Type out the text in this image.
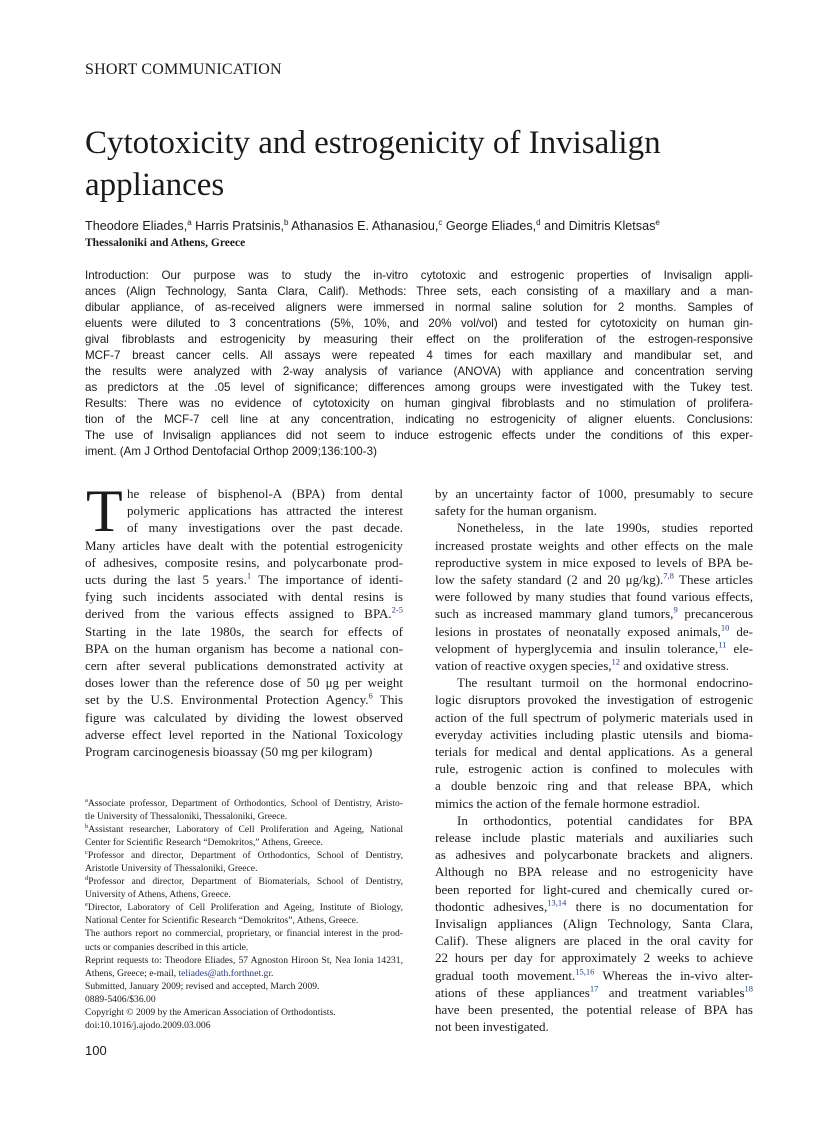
SHORT COMMUNICATION
Cytotoxicity and estrogenicity of Invisalign
appliances
Theodore Eliades,$^a$ Harris Pratsinis,$^b$ Athanasios E. Athanasiou,$^c$ George Eliades,$^d$ and Dimitris Kletsas$^e$
Thessaloniki and Athens, Greece
Introduction: Our purpose was to study the in-vitro cytotoxic and estrogenic properties of Invisalign appli-
ances (Align Technology, Santa Clara, Calif). Methods: Three sets, each consisting of a maxillary and a man-
dibular appliance, of as-received aligners were immersed in normal saline solution for 2 months. Samples of
eluents were diluted to 3 concentrations (5%, 10%, and 20% vol/vol) and tested for cytotoxicity on human gin-
gival fibroblasts and estrogenicity by measuring their effect on the proliferation of the estrogen-responsive
MCF-7 breast cancer cells. All assays were repeated 4 times for each maxillary and mandibular set, and
the results were analyzed with 2-way analysis of variance (ANOVA) with appliance and concentration serving
as predictors at the .05 level of significance; differences among groups were investigated with the Tukey test.
Results: There was no evidence of cytotoxicity on human gingival fibroblasts and no stimulation of prolifera-
tion of the MCF-7 cell line at any concentration, indicating no estrogenicity of aligner eluents. Conclusions:
The use of Invisalign appliances did not seem to induce estrogenic effects under the conditions of this exper-
iment. (Am J Orthod Dentofacial Orthop 2009;136:100-3)
T he release of bisphenol-A (BPA) from dental
polymeric applications has attracted the interest
of many investigations over the past decade.
Many articles have dealt with the potential estrogenicity
of adhesives, composite resins, and polycarbonate prod-
ucts during the last 5 years.$^1$ The importance of identi-
fying such incidents associated with dental resins is
derived from the various effects assigned to BPA.$^{2-5}$
Starting in the late 1980s, the search for effects of
BPA on the human organism has become a national con-
cern after several publications demonstrated activity at
doses lower than the reference dose of 50 μg per weight
set by the U.S. Environmental Protection Agency.$^6$ This
figure was calculated by dividing the lowest observed
adverse effect level reported in the National Toxicology
Program carcinogenesis bioassay (50 mg per kilogram)
by an uncertainty factor of 1000, presumably to secure
safety for the human organism.
Nonetheless, in the late 1990s, studies reported
increased prostate weights and other effects on the male
reproductive system in mice exposed to levels of BPA be-
low the safety standard (2 and 20 μg/kg).$^{7,8}$ These articles
were followed by many studies that found various effects,
such as increased mammary gland tumors,$^9$ precancerous
lesions in prostates of neonatally exposed animals,$^{10}$ de-
velopment of hyperglycemia and insulin tolerance,$^{11}$ ele-
vation of reactive oxygen species,$^{12}$ and oxidative stress.
The resultant turmoil on the hormonal endocrino-
logic disruptors provoked the investigation of estrogenic
action of the full spectrum of polymeric materials used in
everyday activities including plastic utensils and bioma-
terials for medical and dental applications. As a general
rule, estrogenic action is confined to molecules with
a double benzoic ring and that release BPA, which
mimics the action of the female hormone estradiol.
In orthodontics, potential candidates for BPA
release include plastic materials and auxiliaries such
as adhesives and polycarbonate brackets and aligners.
Although no BPA release and no estrogenicity have
been reported for light-cured and chemically cured or-
thodontic adhesives,$^{13,14}$ there is no documentation for
Invisalign appliances (Align Technology, Santa Clara,
Calif). These aligners are placed in the oral cavity for
22 hours per day for approximately 2 weeks to achieve
gradual tooth movement.$^{15,16}$ Whereas the in-vivo alter-
ations of these appliances$^{17}$ and treatment variables$^{18}$
have been presented, the potential release of BPA has
not been investigated.
$^a$Associate professor, Department of Orthodontics, School of Dentistry, Aristo-
tle University of Thessaloniki, Thessaloniki, Greece.
$^b$Assistant researcher, Laboratory of Cell Proliferation and Ageing, National
Center for Scientific Research “Demokritos,” Athens, Greece.
$^c$Professor and director, Department of Orthodontics, School of Dentistry,
Aristotle University of Thessaloniki, Greece.
$^d$Professor and director, Department of Biomaterials, School of Dentistry,
University of Athens, Athens, Greece.
$^e$Director, Laboratory of Cell Proliferation and Ageing, Institute of Biology,
National Center for Scientific Research “Demokritos”, Athens, Greece.
The authors report no commercial, proprietary, or financial interest in the prod-
ucts or companies described in this article.
Reprint requests to: Theodore Eliades, 57 Agnoston Hiroon St, Nea Ionia 14231,
Athens, Greece; e-mail, teliades@ath.forthnet.gr.
Submitted, January 2009; revised and accepted, March 2009.
0889-5406/$36.00
Copyright © 2009 by the American Association of Orthodontists.
doi:10.1016/j.ajodo.2009.03.006
100
